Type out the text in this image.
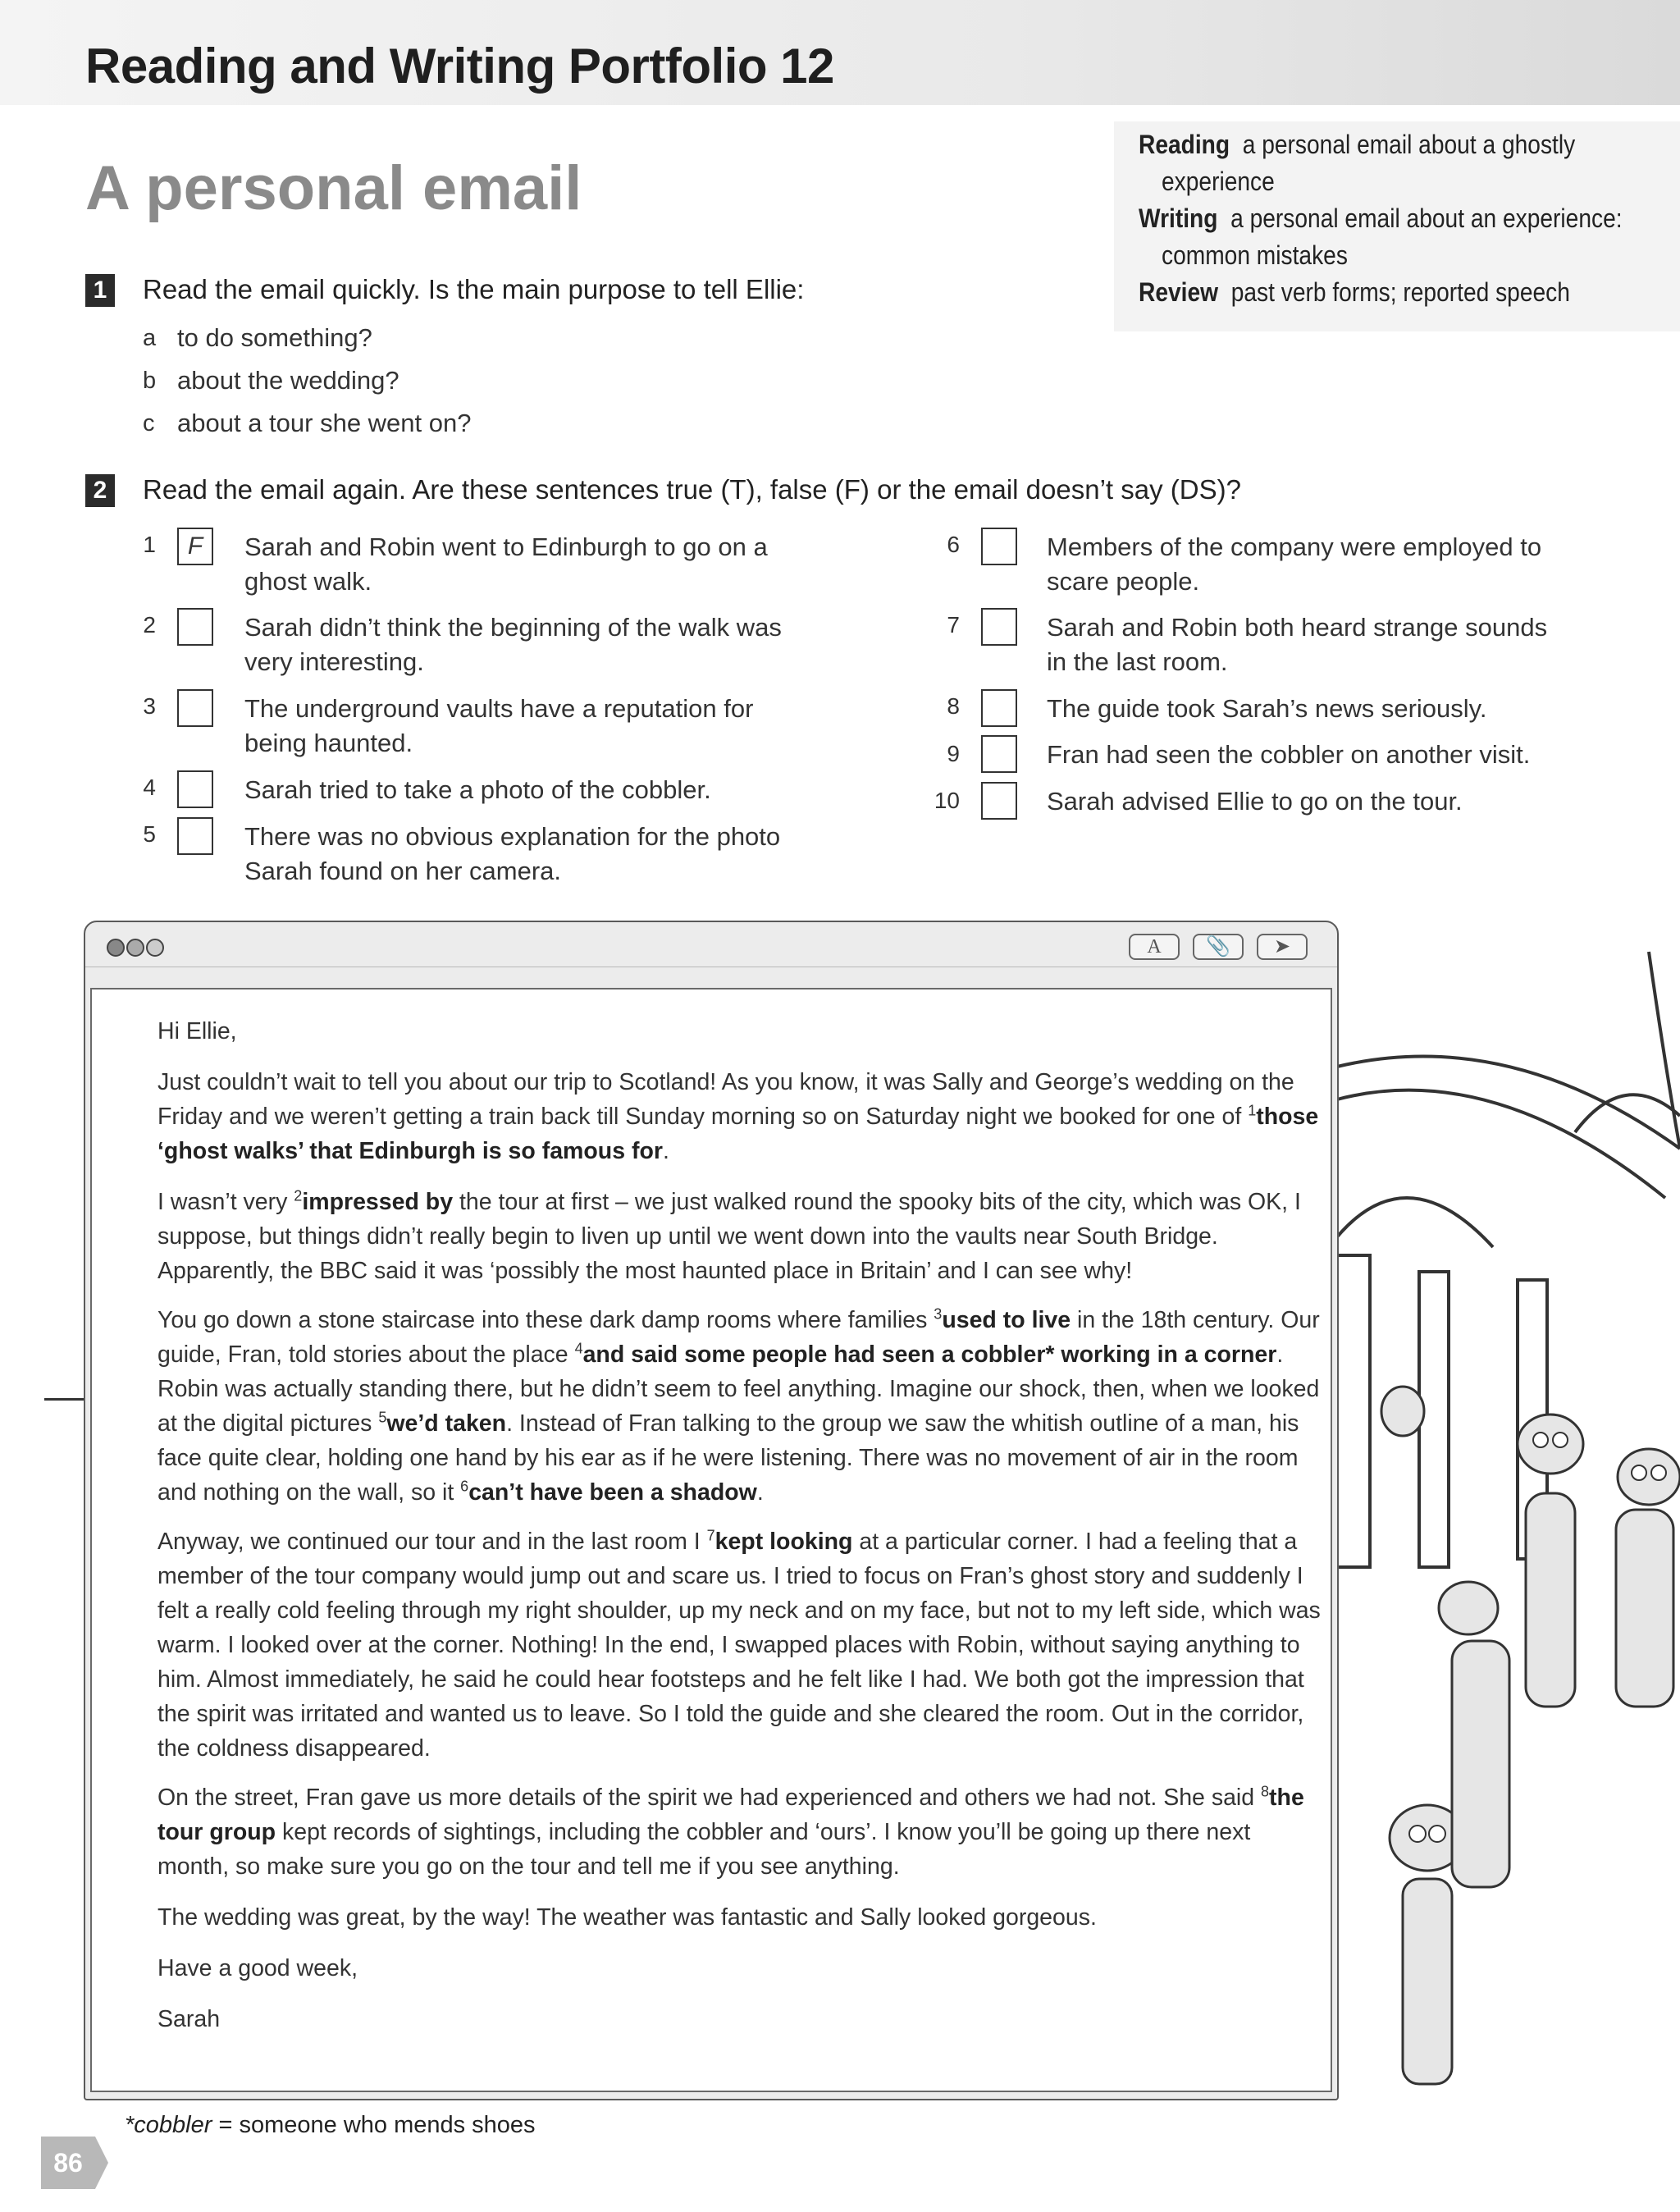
Reading and Writing Portfolio 12
A personal email
Reading a personal email about a ghostly
experience
Writing a personal email about an experience:
common mistakes
Review past verb forms; reported speech
1 Read the email quickly. Is the main purpose to tell Ellie:
a to do something?
b about the wedding?
c about a tour she went on?
2 Read the email again. Are these sentences true (T), false (F) or the email doesn’t say (DS)?
1	F	Sarah and Robin went to Edinburgh to go on a
ghost walk.
2	Sarah didn’t think the beginning of the walk was
very interesting.
3	The underground vaults have a reputation for
being haunted.
4	Sarah tried to take a photo of the cobbler.
5	There was no obvious explanation for the photo
Sarah found on her camera.
6	Members of the company were employed to
scare people.
7	Sarah and Robin both heard strange sounds
in the last room.
8	The guide took Sarah’s news seriously.
9	Fran had seen the cobbler on another visit.
10	Sarah advised Ellie to go on the tour.
A	📎	➤

Hi Ellie,

Just couldn’t wait to tell you about our trip to Scotland! As you know, it was Sally and George’s wedding on the Friday and we weren’t getting a train back till Sunday morning so on Saturday night we booked for one of $^1$those ‘ghost walks’ that Edinburgh is so famous for.

I wasn’t very $^2$impressed by the tour at first – we just walked round the spooky bits of the city, which was OK, I suppose, but things didn’t really begin to liven up until we went down into the vaults near South Bridge. Apparently, the BBC said it was ‘possibly the most haunted place in Britain’ and I can see why!

You go down a stone staircase into these dark damp rooms where families $^3$used to live in the 18th century. Our guide, Fran, told stories about the place $^4$and said some people had seen a cobbler* working in a corner. Robin was actually standing there, but he didn’t seem to feel anything. Imagine our shock, then, when we looked at the digital pictures $^5$we’d taken. Instead of Fran talking to the group we saw the whitish outline of a man, his face quite clear, holding one hand by his ear as if he were listening. There was no movement of air in the room and nothing on the wall, so it $^6$can’t have been a shadow.

Anyway, we continued our tour and in the last room I $^7$kept looking at a particular corner. I had a feeling that a member of the tour company would jump out and scare us. I tried to focus on Fran’s ghost story and suddenly I felt a really cold feeling through my right shoulder, up my neck and on my face, but not to my left side, which was warm. I looked over at the corner. Nothing! In the end, I swapped places with Robin, without saying anything to him. Almost immediately, he said he could hear footsteps and he felt like I had. We both got the impression that the spirit was irritated and wanted us to leave. So I told the guide and she cleared the room. Out in the corridor, the coldness disappeared.

On the street, Fran gave us more details of the spirit we had experienced and others we had not. She said $^8$the tour group kept records of sightings, including the cobbler and ‘ours’. I know you’ll be going up there next month, so make sure you go on the tour and tell me if you see anything.

The wedding was great, by the way! The weather was fantastic and Sally looked gorgeous.

Have a good week,

Sarah

*cobbler = someone who mends shoes
86
